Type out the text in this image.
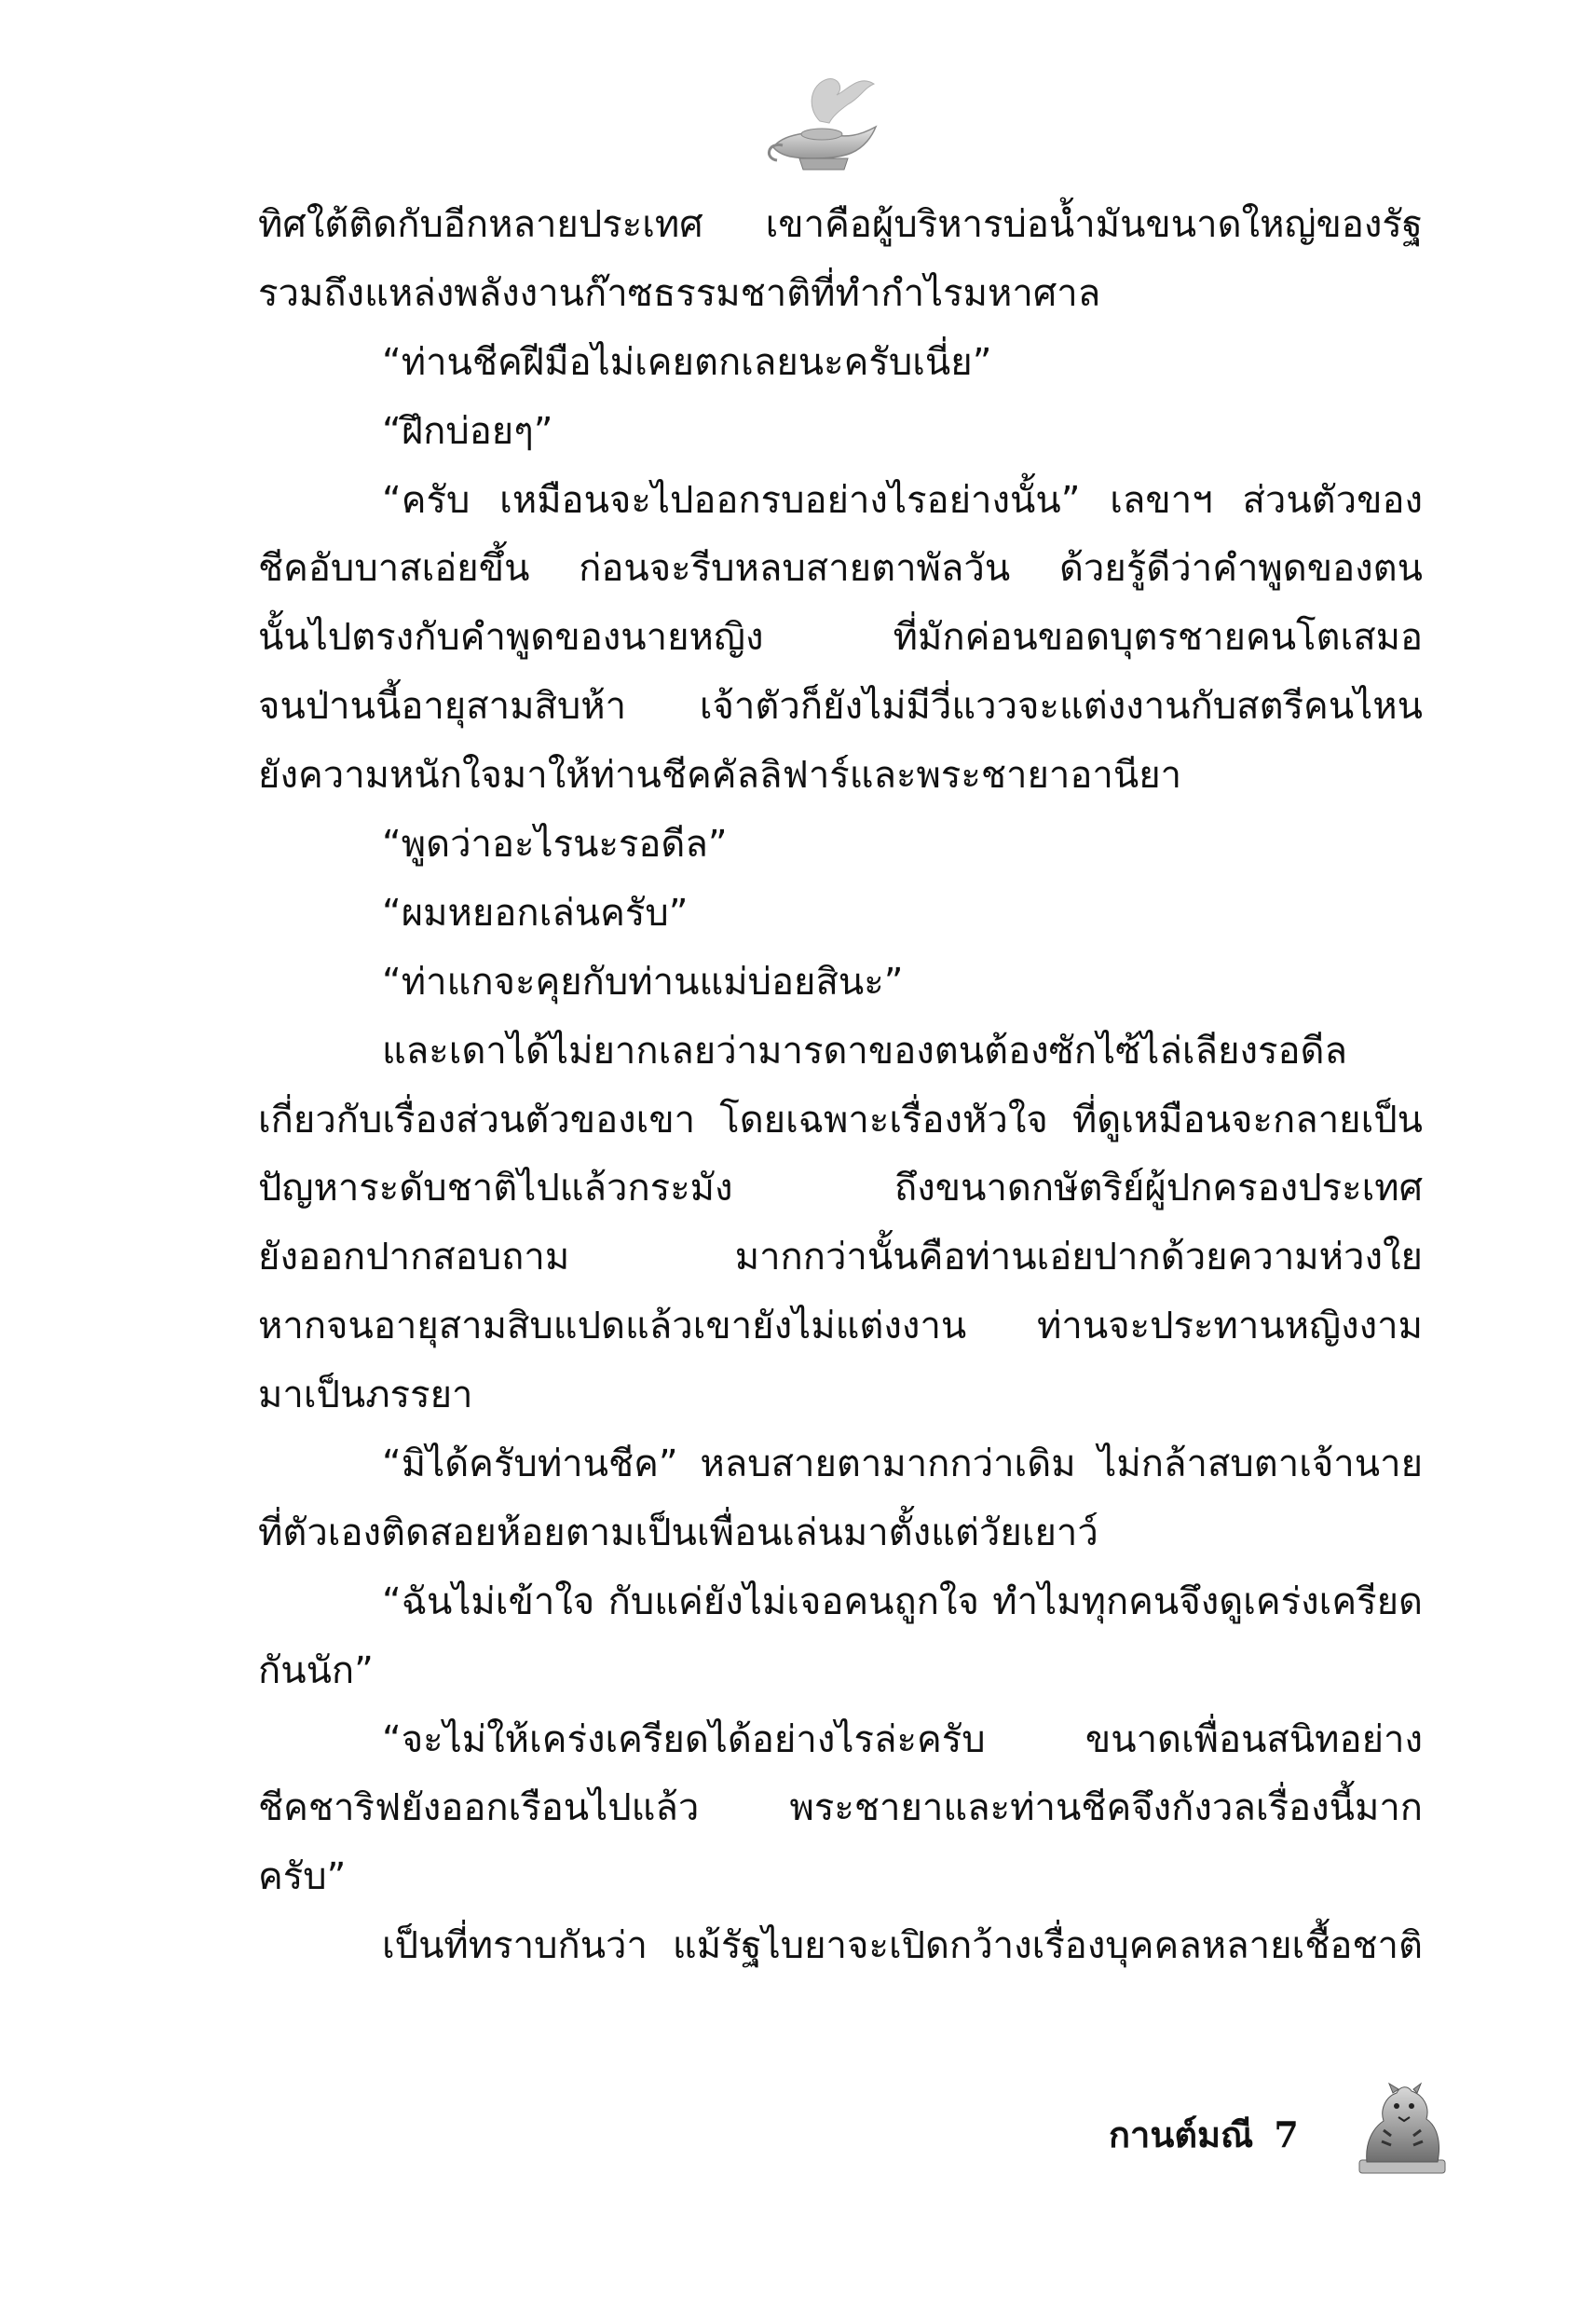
ทิศใต้ติดกับอีกหลายประเทศ เขาคือผู้บริหารบ่อน้ำมันขนาดใหญ่ของรัฐ
รวมถึงแหล่งพลังงานก๊าซธรรมชาติที่ทำกำไรมหาศาล
“ท่านชีคฝีมือไม่เคยตกเลยนะครับเนี่ย”
“ฝึกบ่อยๆ”
“ครับ เหมือนจะไปออกรบอย่างไรอย่างนั้น” เลขาฯ ส่วนตัวของ
ชีคอับบาสเอ่ยขึ้น ก่อนจะรีบหลบสายตาพัลวัน ด้วยรู้ดีว่าคำพูดของตน
นั้นไปตรงกับคำพูดของนายหญิง ที่มักค่อนขอดบุตรชายคนโตเสมอ
จนป่านนี้อายุสามสิบห้า เจ้าตัวก็ยังไม่มีวี่แววจะแต่งงานกับสตรีคนไหน
ยังความหนักใจมาให้ท่านชีคคัลลิฟาร์และพระชายาอานียา
“พูดว่าอะไรนะรอดีล”
“ผมหยอกเล่นครับ”
“ท่าแกจะคุยกับท่านแม่บ่อยสินะ”
และเดาได้ไม่ยากเลยว่ามารดาของตนต้องซักไซ้ไล่เลียงรอดีล
เกี่ยวกับเรื่องส่วนตัวของเขา โดยเฉพาะเรื่องหัวใจ ที่ดูเหมือนจะกลายเป็น
ปัญหาระดับชาติไปแล้วกระมัง ถึงขนาดกษัตริย์ผู้ปกครองประเทศ
ยังออกปากสอบถาม มากกว่านั้นคือท่านเอ่ยปากด้วยความห่วงใย
หากจนอายุสามสิบแปดแล้วเขายังไม่แต่งงาน ท่านจะประทานหญิงงาม
มาเป็นภรรยา
“มิได้ครับท่านชีค” หลบสายตามากกว่าเดิม ไม่กล้าสบตาเจ้านาย
ที่ตัวเองติดสอยห้อยตามเป็นเพื่อนเล่นมาตั้งแต่วัยเยาว์
“ฉันไม่เข้าใจ กับแค่ยังไม่เจอคนถูกใจ ทำไมทุกคนจึงดูเคร่งเครียด
กันนัก”
“จะไม่ให้เคร่งเครียดได้อย่างไรล่ะครับ ขนาดเพื่อนสนิทอย่าง
ชีคชาริฟยังออกเรือนไปแล้ว พระชายาและท่านชีคจึงกังวลเรื่องนี้มาก
ครับ”
เป็นที่ทราบกันว่า แม้รัฐไบยาจะเปิดกว้างเรื่องบุคคลหลายเชื้อชาติ
กานต์มณี 7
